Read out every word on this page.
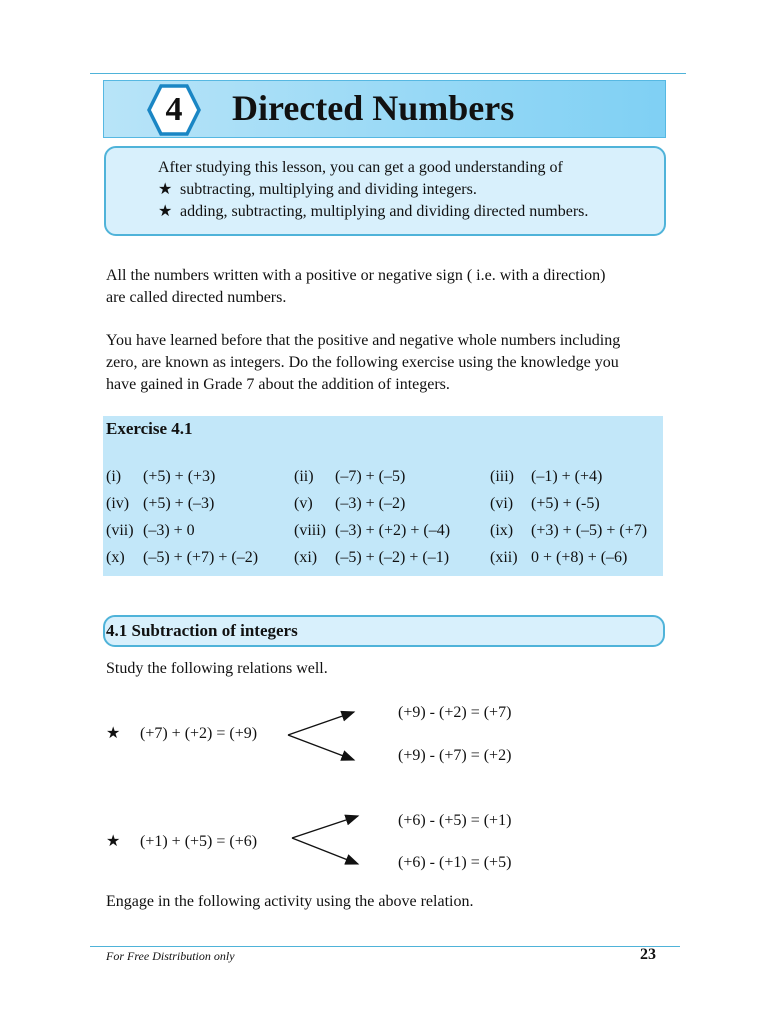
4	Directed Numbers
After studying this lesson, you can get a good understanding of
★ subtracting, multiplying and dividing integers.
★ adding, subtracting, multiplying and dividing directed numbers.
All the numbers written with a positive or negative sign ( i.e. with a direction)
are called directed numbers.
You have learned before that the positive and negative whole numbers including
zero, are known as integers. Do the following exercise using the knowledge you
have gained in Grade 7 about the addition of integers.
Exercise 4.1
(i) (+5) + (+3)	(ii) (–7) + (–5)	(iii) (–1) + (+4)
(iv) (+5) + (–3)	(v) (–3) + (–2)	(vi) (+5) + (-5)
(vii) (–3) + 0	(viii) (–3) + (+2) + (–4) (ix) (+3) + (–5) + (+7)
(x) (–5) + (+7) + (–2) (xi) (–5) + (–2) + (–1)	(xii) 0 + (+8) + (–6)
4.1 Subtraction of integers
Study the following relations well.
★ (+7) + (+2) = (+9)
(+9) - (+2) = (+7)
(+9) - (+7) = (+2)
★ (+1) + (+5) = (+6)
(+6) - (+5) = (+1)
(+6) - (+1) = (+5)
Engage in the following activity using the above relation.
For Free Distribution only	23
